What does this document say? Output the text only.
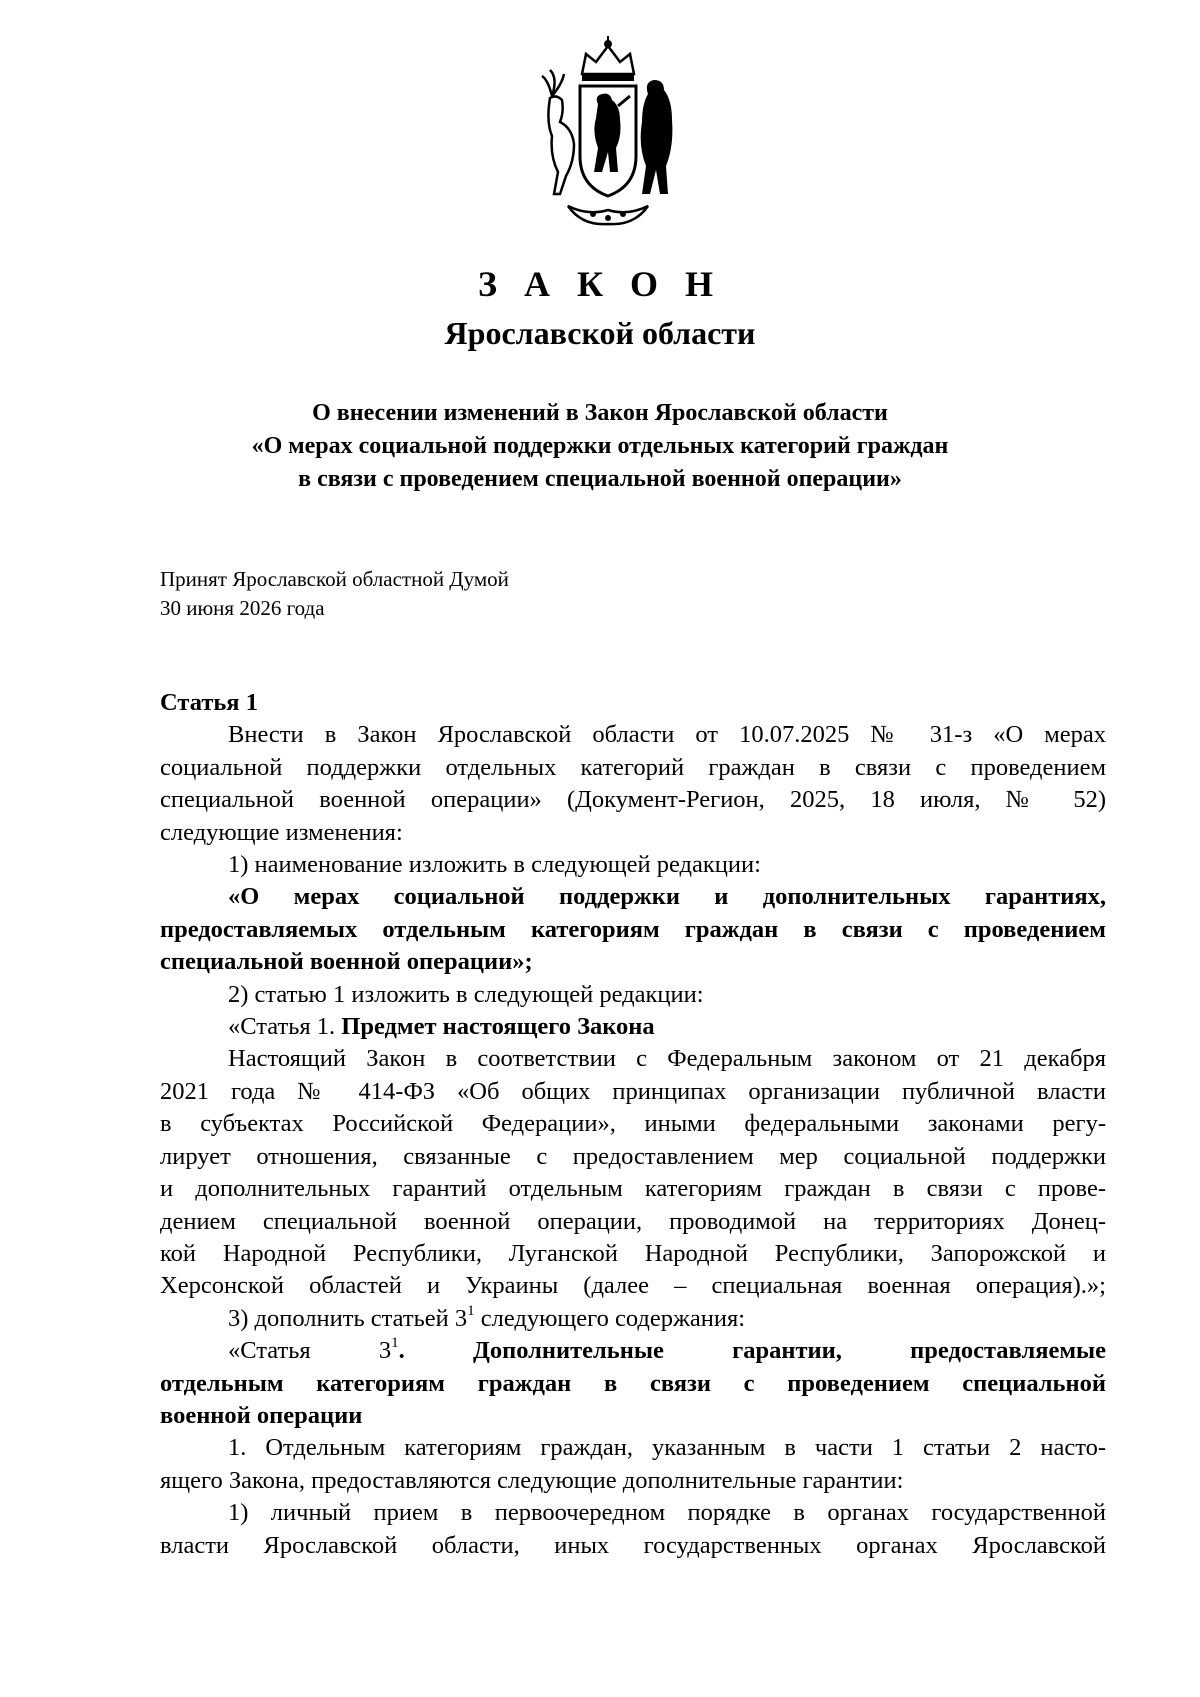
З А К О Н
Ярославской области
О внесении изменений в Закон Ярославской области
«О мерах социальной поддержки отдельных категорий граждан
в связи с проведением специальной военной операции»
Принят Ярославской областной Думой
30 июня 2026 года
Статья 1
Внести в Закон Ярославской области от 10.07.2025 № 31-з «О мерах
социальной поддержки отдельных категорий граждан в связи с проведением
специальной военной операции» (Документ-Регион, 2025, 18 июля, № 52)
следующие изменения:
1) наименование изложить в следующей редакции:
«О мерах социальной поддержки и дополнительных гарантиях,
предоставляемых отдельным категориям граждан в связи с проведением
специальной военной операции»;
2) статью 1 изложить в следующей редакции:
«Статья 1. Предмет настоящего Закона
Настоящий Закон в соответствии с Федеральным законом от 21 декабря
2021 года № 414-ФЗ «Об общих принципах организации публичной власти
в субъектах Российской Федерации», иными федеральными законами регу-
лирует отношения, связанные с предоставлением мер социальной поддержки
и дополнительных гарантий отдельным категориям граждан в связи с прове-
дением специальной военной операции, проводимой на территориях Донец-
кой Народной Республики, Луганской Народной Республики, Запорожской и
Херсонской областей и Украины (далее – специальная военная операция).»;
3) дополнить статьей $3^1$ следующего содержания:
«Статья $3^1$. Дополнительные	гарантии,	предоставляемые
отдельным категориям граждан в связи с проведением специальной
военной операции
1. Отдельным категориям граждан, указанным в части 1 статьи 2 насто-
ящего Закона, предоставляются следующие дополнительные гарантии:
1) личный прием в первоочередном порядке в органах государственной
власти Ярославской области, иных государственных органах Ярославской
